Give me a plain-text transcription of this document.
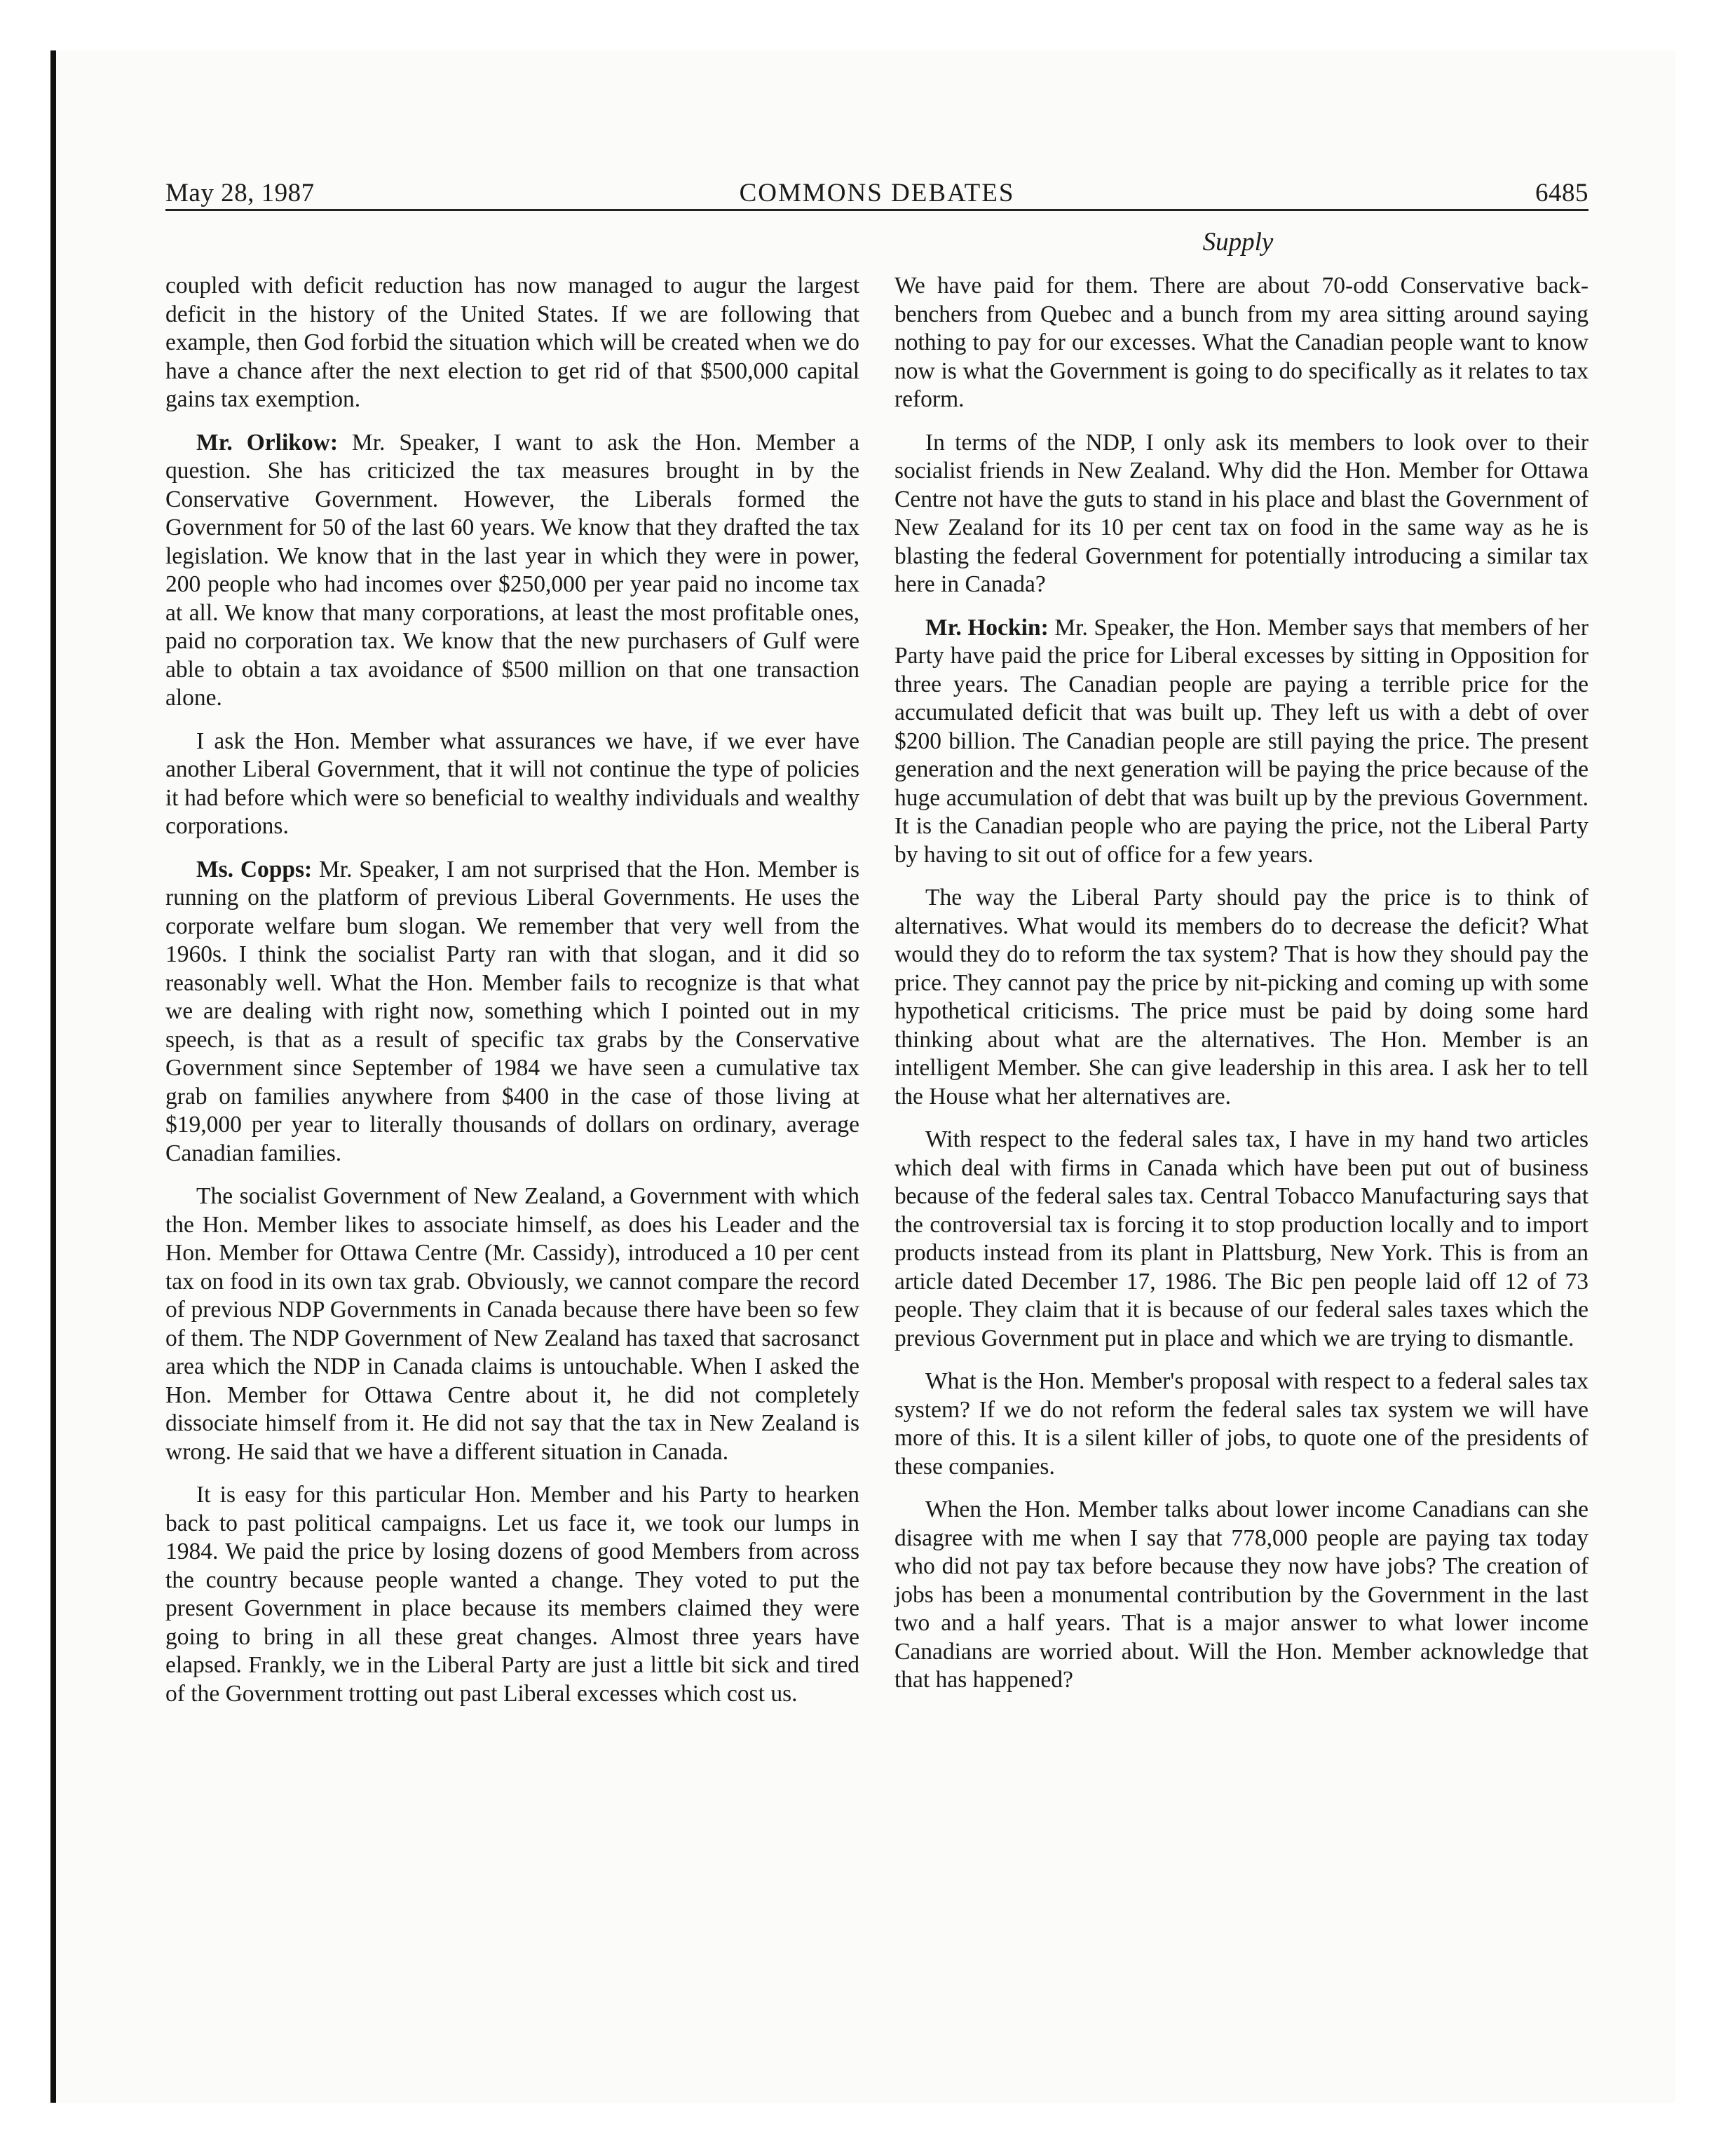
May 28, 1987	COMMONS DEBATES	6485
Supply

coupled with deficit reduction has now managed to augur the largest deficit in the history of the United States. If we are following that example, then God forbid the situation which will be created when we do have a chance after the next election to get rid of that $500,000 capital gains tax exemption.

Mr. Orlikow: Mr. Speaker, I want to ask the Hon. Member a question. She has criticized the tax measures brought in by the Conservative Government. However, the Liberals formed the Government for 50 of the last 60 years. We know that they drafted the tax legislation. We know that in the last year in which they were in power, 200 people who had incomes over $250,000 per year paid no income tax at all. We know that many corporations, at least the most profitable ones, paid no corporation tax. We know that the new purchasers of Gulf were able to obtain a tax avoidance of $500 million on that one transaction alone.

I ask the Hon. Member what assurances we have, if we ever have another Liberal Government, that it will not continue the type of policies it had before which were so beneficial to wealthy individuals and wealthy corporations.

Ms. Copps: Mr. Speaker, I am not surprised that the Hon. Member is running on the platform of previous Liberal Governments. He uses the corporate welfare bum slogan. We remember that very well from the 1960s. I think the socialist Party ran with that slogan, and it did so reasonably well. What the Hon. Member fails to recognize is that what we are dealing with right now, something which I pointed out in my speech, is that as a result of specific tax grabs by the Conservative Government since September of 1984 we have seen a cumulative tax grab on families anywhere from $400 in the case of those living at $19,000 per year to literally thousands of dollars on ordinary, average Canadian families.

The socialist Government of New Zealand, a Government with which the Hon. Member likes to associate himself, as does his Leader and the Hon. Member for Ottawa Centre (Mr. Cassidy), introduced a 10 per cent tax on food in its own tax grab. Obviously, we cannot compare the record of previous NDP Governments in Canada because there have been so few of them. The NDP Government of New Zealand has taxed that sacrosanct area which the NDP in Canada claims is untouchable. When I asked the Hon. Member for Ottawa Centre about it, he did not completely dissociate himself from it. He did not say that the tax in New Zealand is wrong. He said that we have a different situation in Canada.

It is easy for this particular Hon. Member and his Party to hearken back to past political campaigns. Let us face it, we took our lumps in 1984. We paid the price by losing dozens of good Members from across the country because people wanted a change. They voted to put the present Government in place because its members claimed they were going to bring in all these great changes. Almost three years have elapsed. Frankly, we in the Liberal Party are just a little bit sick and tired of the Government trotting out past Liberal excesses which cost us.

We have paid for them. There are about 70-odd Conservative back-benchers from Quebec and a bunch from my area sitting around saying nothing to pay for our excesses. What the Canadian people want to know now is what the Government is going to do specifically as it relates to tax reform.

In terms of the NDP, I only ask its members to look over to their socialist friends in New Zealand. Why did the Hon. Member for Ottawa Centre not have the guts to stand in his place and blast the Government of New Zealand for its 10 per cent tax on food in the same way as he is blasting the federal Government for potentially introducing a similar tax here in Canada?

Mr. Hockin: Mr. Speaker, the Hon. Member says that members of her Party have paid the price for Liberal excesses by sitting in Opposition for three years. The Canadian people are paying a terrible price for the accumulated deficit that was built up. They left us with a debt of over $200 billion. The Canadian people are still paying the price. The present generation and the next generation will be paying the price because of the huge accumulation of debt that was built up by the previous Government. It is the Canadian people who are paying the price, not the Liberal Party by having to sit out of office for a few years.

The way the Liberal Party should pay the price is to think of alternatives. What would its members do to decrease the deficit? What would they do to reform the tax system? That is how they should pay the price. They cannot pay the price by nit-picking and coming up with some hypothetical criticisms. The price must be paid by doing some hard thinking about what are the alternatives. The Hon. Member is an intelligent Member. She can give leadership in this area. I ask her to tell the House what her alternatives are.

With respect to the federal sales tax, I have in my hand two articles which deal with firms in Canada which have been put out of business because of the federal sales tax. Central Tobacco Manufacturing says that the controversial tax is forcing it to stop production locally and to import products instead from its plant in Plattsburg, New York. This is from an article dated December 17, 1986. The Bic pen people laid off 12 of 73 people. They claim that it is because of our federal sales taxes which the previous Government put in place and which we are trying to dismantle.

What is the Hon. Member's proposal with respect to a federal sales tax system? If we do not reform the federal sales tax system we will have more of this. It is a silent killer of jobs, to quote one of the presidents of these companies.

When the Hon. Member talks about lower income Canadians can she disagree with me when I say that 778,000 people are paying tax today who did not pay tax before because they now have jobs? The creation of jobs has been a monumental contribution by the Government in the last two and a half years. That is a major answer to what lower income Canadians are worried about. Will the Hon. Member acknowledge that that has happened?
